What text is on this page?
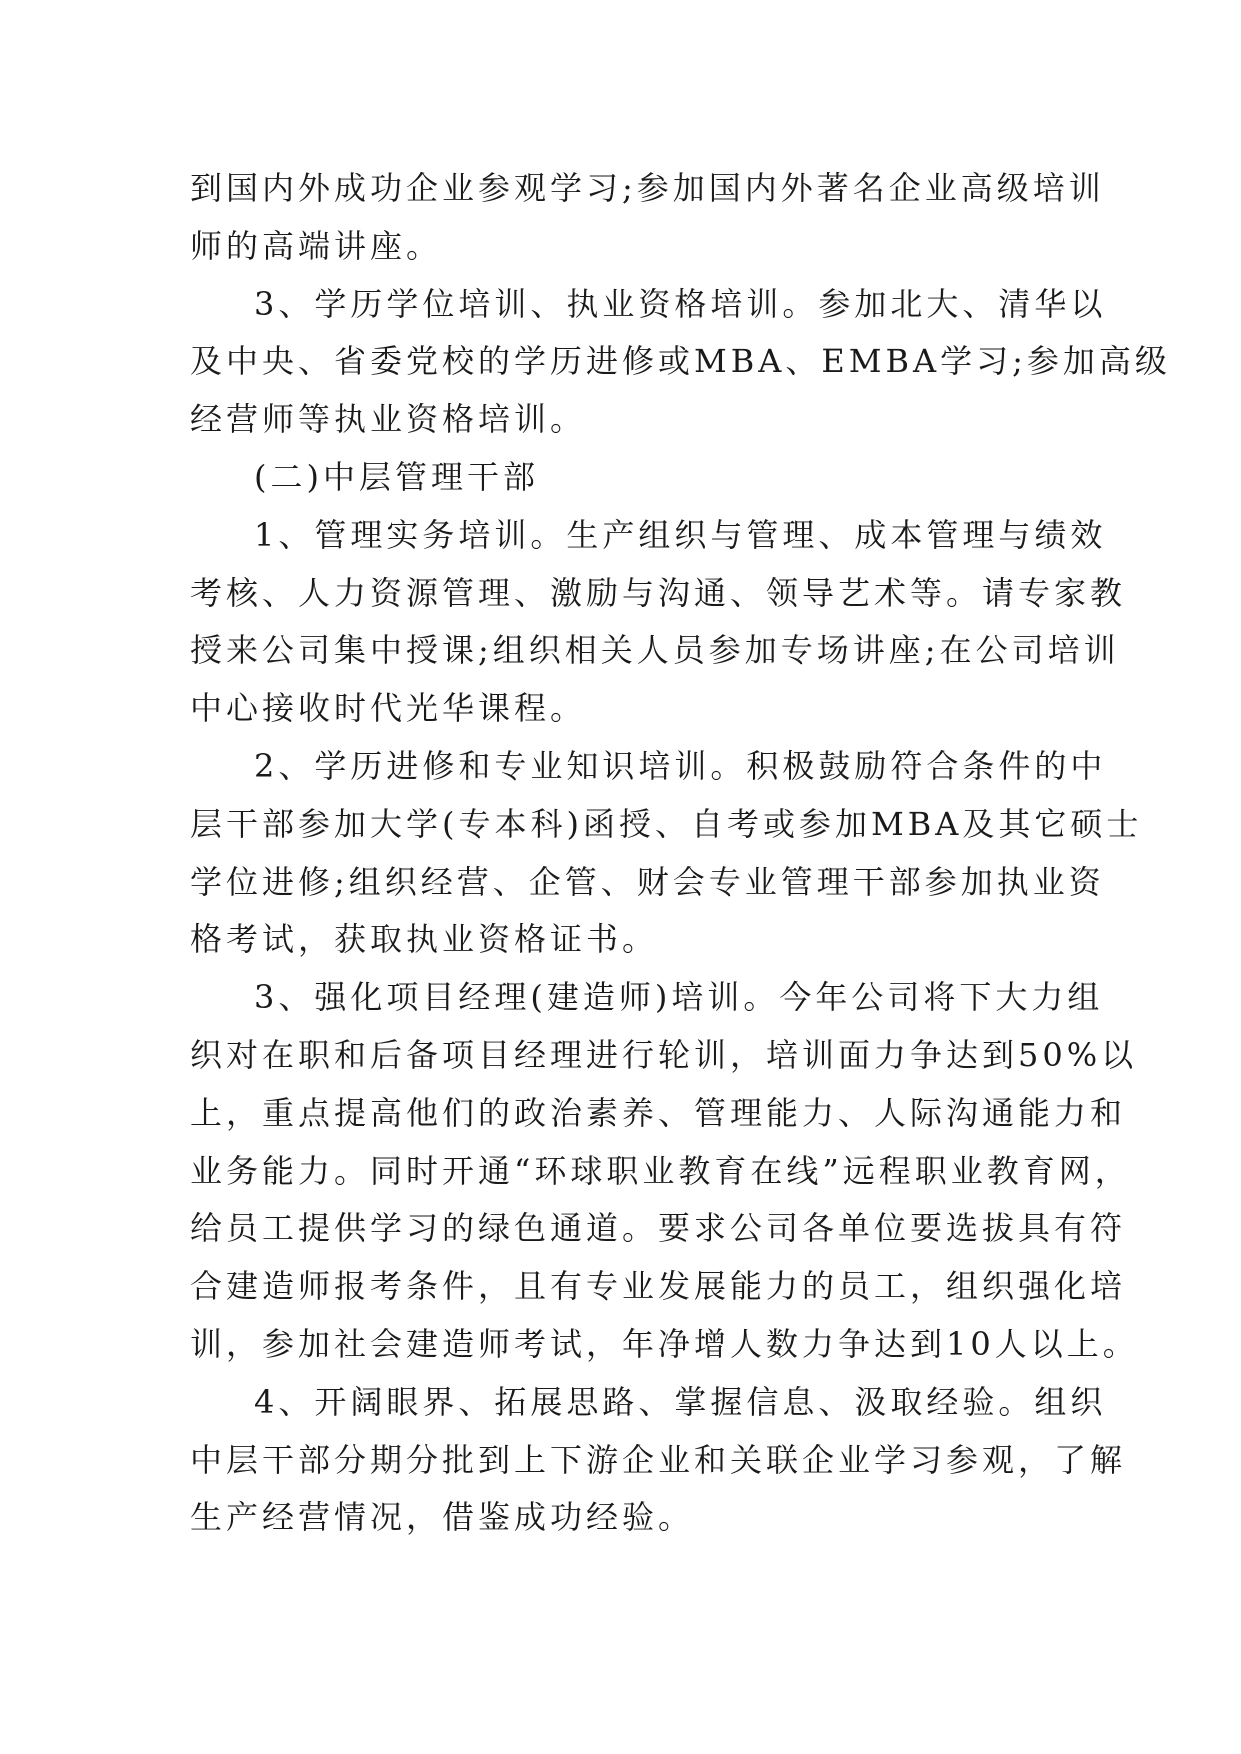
到国内外成功企业参观学习;参加国内外著名企业高级培训
师的高端讲座。
3、学历学位培训、执业资格培训。参加北大、清华以
及中央、省委党校的学历进修或MBA、EMBA学习;参加高级
经营师等执业资格培训。
(二)中层管理干部
1、管理实务培训。生产组织与管理、成本管理与绩效
考核、人力资源管理、激励与沟通、领导艺术等。请专家教
授来公司集中授课;组织相关人员参加专场讲座;在公司培训
中心接收时代光华课程。
2、学历进修和专业知识培训。积极鼓励符合条件的中
层干部参加大学(专本科)函授、自考或参加MBA及其它硕士
学位进修;组织经营、企管、财会专业管理干部参加执业资
格考试，获取执业资格证书。
3、强化项目经理(建造师)培训。今年公司将下大力组
织对在职和后备项目经理进行轮训，培训面力争达到50%以
上，重点提高他们的政治素养、管理能力、人际沟通能力和
业务能力。同时开通“环球职业教育在线”远程职业教育网，
给员工提供学习的绿色通道。要求公司各单位要选拔具有符
合建造师报考条件，且有专业发展能力的员工，组织强化培
训，参加社会建造师考试，年净增人数力争达到10人以上。
4、开阔眼界、拓展思路、掌握信息、汲取经验。组织
中层干部分期分批到上下游企业和关联企业学习参观，了解
生产经营情况，借鉴成功经验。
